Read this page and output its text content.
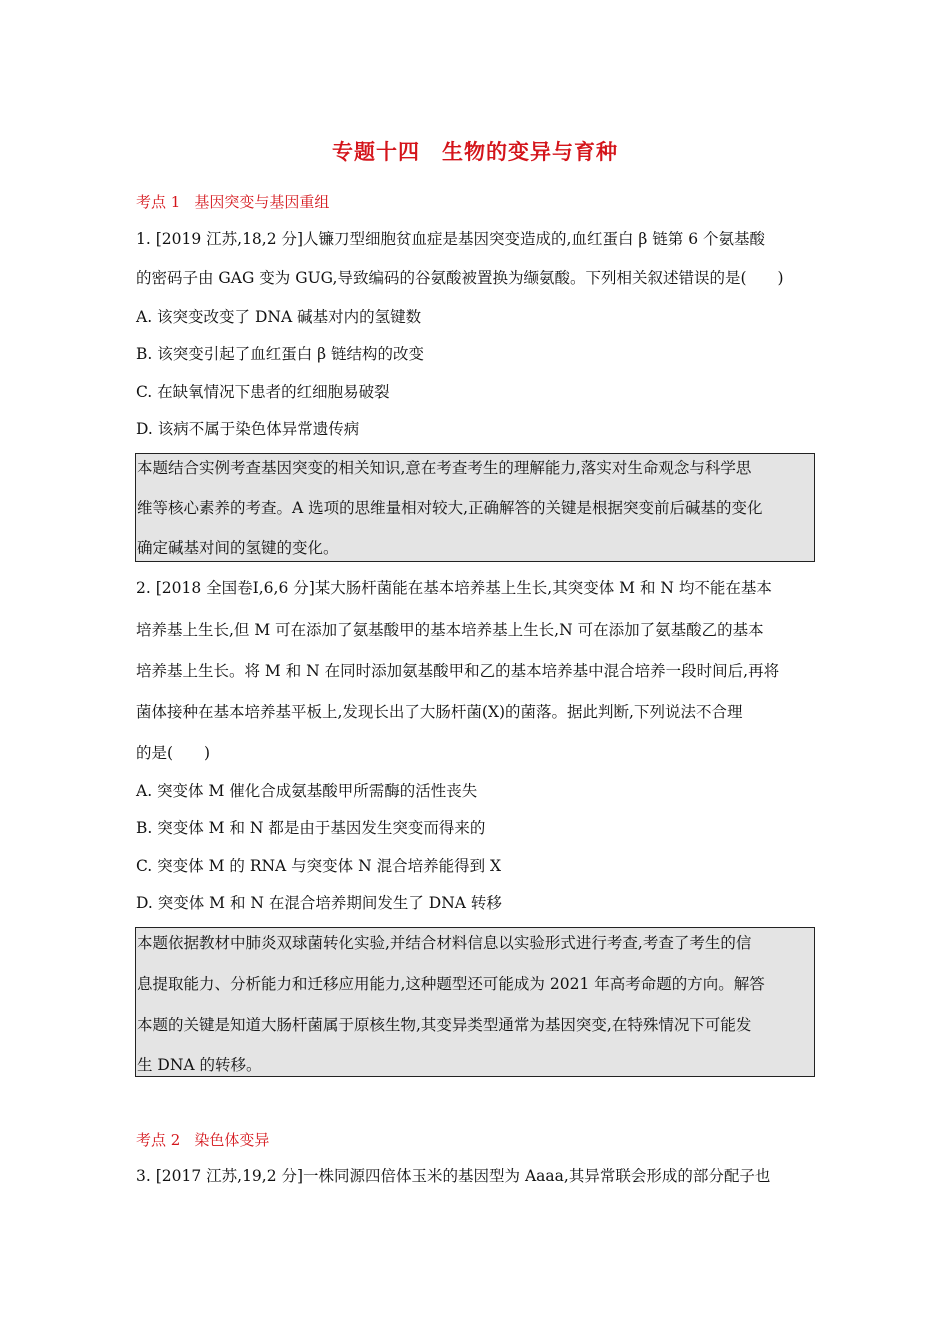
专题十四 生物的变异与育种
考点 1 基因突变与基因重组
1. [2019 江苏,18,2 分]人镰刀型细胞贫血症是基因突变造成的,血红蛋白 β 链第 6 个氨基酸
的密码子由 GAG 变为 GUG,导致编码的谷氨酸被置换为缬氨酸。下列相关叙述错误的是(　　)
A. 该突变改变了 DNA 碱基对内的氢键数
B. 该突变引起了血红蛋白 β 链结构的改变
C. 在缺氧情况下患者的红细胞易破裂
D. 该病不属于染色体异常遗传病
本题结合实例考查基因突变的相关知识,意在考查考生的理解能力,落实对生命观念与科学思
维等核心素养的考查。A 选项的思维量相对较大,正确解答的关键是根据突变前后碱基的变化
确定碱基对间的氢键的变化。
2. [2018 全国卷Ⅰ,6,6 分]某大肠杆菌能在基本培养基上生长,其突变体 M 和 N 均不能在基本
培养基上生长,但 M 可在添加了氨基酸甲的基本培养基上生长,N 可在添加了氨基酸乙的基本
培养基上生长。将 M 和 N 在同时添加氨基酸甲和乙的基本培养基中混合培养一段时间后,再将
菌体接种在基本培养基平板上,发现长出了大肠杆菌(X)的菌落。据此判断,下列说法不合理
的是(　　)
A. 突变体 M 催化合成氨基酸甲所需酶的活性丧失
B. 突变体 M 和 N 都是由于基因发生突变而得来的
C. 突变体 M 的 RNA 与突变体 N 混合培养能得到 X
D. 突变体 M 和 N 在混合培养期间发生了 DNA 转移
本题依据教材中肺炎双球菌转化实验,并结合材料信息以实验形式进行考查,考查了考生的信
息提取能力、分析能力和迁移应用能力,这种题型还可能成为 2021 年高考命题的方向。解答
本题的关键是知道大肠杆菌属于原核生物,其变异类型通常为基因突变,在特殊情况下可能发
生 DNA 的转移。
考点 2 染色体变异
3. [2017 江苏,19,2 分]一株同源四倍体玉米的基因型为 Aaaa,其异常联会形成的部分配子也
